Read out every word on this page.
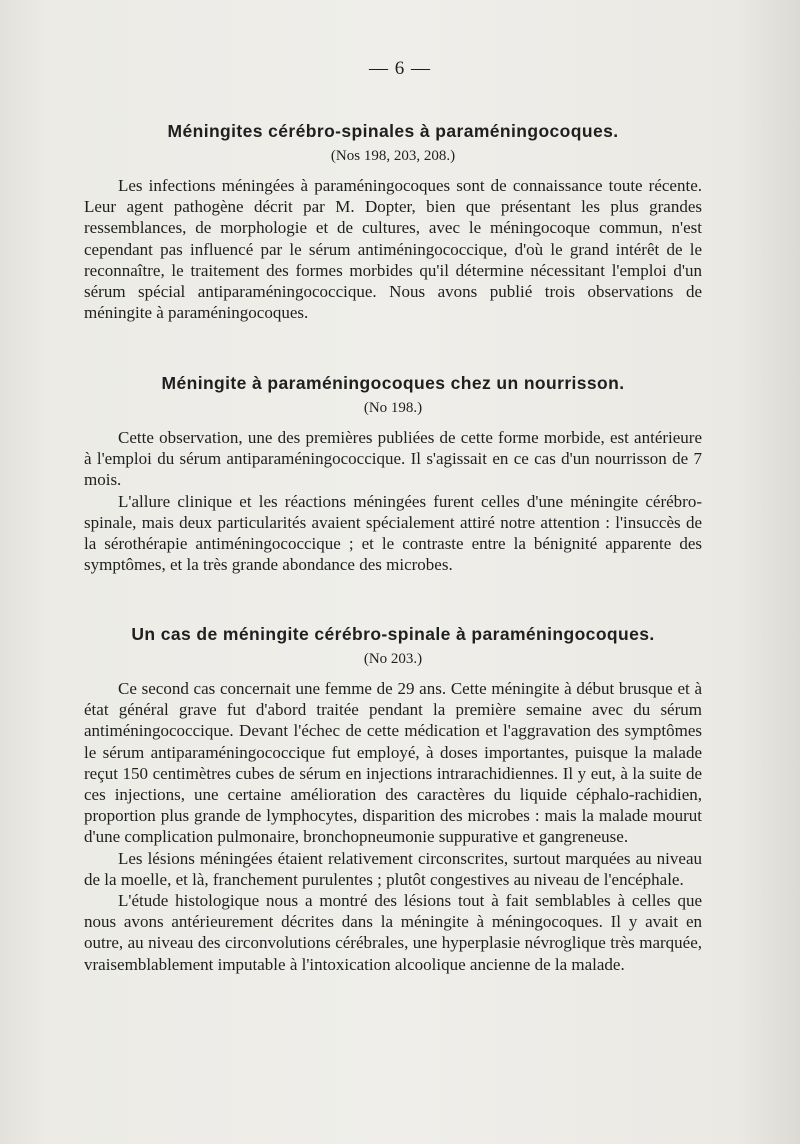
— 6 —
Méningites cérébro-spinales à paraméningocoques.
(Nos 198, 203, 208.)

Les infections méningées à paraméningocoques sont de connaissance toute récente. Leur agent pathogène décrit par M. Dopter, bien que présentant les plus grandes ressemblances, de morphologie et de cultures, avec le méningocoque commun, n'est cependant pas influencé par le sérum antiméningococcique, d'où le grand intérêt de le reconnaître, le traitement des formes morbides qu'il détermine nécessitant l'emploi d'un sérum spécial antiparaméningococcique. Nous avons publié trois observations de méningite à paraméningocoques.

Méningite à paraméningocoques chez un nourrisson.
(No 198.)

Cette observation, une des premières publiées de cette forme morbide, est antérieure à l'emploi du sérum antiparaméningococcique. Il s'agissait en ce cas d'un nourrisson de 7 mois.

L'allure clinique et les réactions méningées furent celles d'une méningite cérébro-spinale, mais deux particularités avaient spécialement attiré notre attention : l'insuccès de la sérothérapie antiméningococcique ; et le contraste entre la bénignité apparente des symptômes, et la très grande abondance des microbes.

Un cas de méningite cérébro-spinale à paraméningocoques.
(No 203.)

Ce second cas concernait une femme de 29 ans. Cette méningite à début brusque et à état général grave fut d'abord traitée pendant la première semaine avec du sérum antiméningococcique. Devant l'échec de cette médication et l'aggravation des symptômes le sérum antiparaméningococcique fut employé, à doses importantes, puisque la malade reçut 150 centimètres cubes de sérum en injections intrarachidiennes. Il y eut, à la suite de ces injections, une certaine amélioration des caractères du liquide céphalo-rachidien, proportion plus grande de lymphocytes, disparition des microbes : mais la malade mourut d'une complication pulmonaire, bronchopneumonie suppurative et gangreneuse.

Les lésions méningées étaient relativement circonscrites, surtout marquées au niveau de la moelle, et là, franchement purulentes ; plutôt congestives au niveau de l'encéphale.

L'étude histologique nous a montré des lésions tout à fait semblables à celles que nous avons antérieurement décrites dans la méningite à méningocoques. Il y avait en outre, au niveau des circonvolutions cérébrales, une hyperplasie névroglique très marquée, vraisemblablement imputable à l'intoxication alcoolique ancienne de la malade.
